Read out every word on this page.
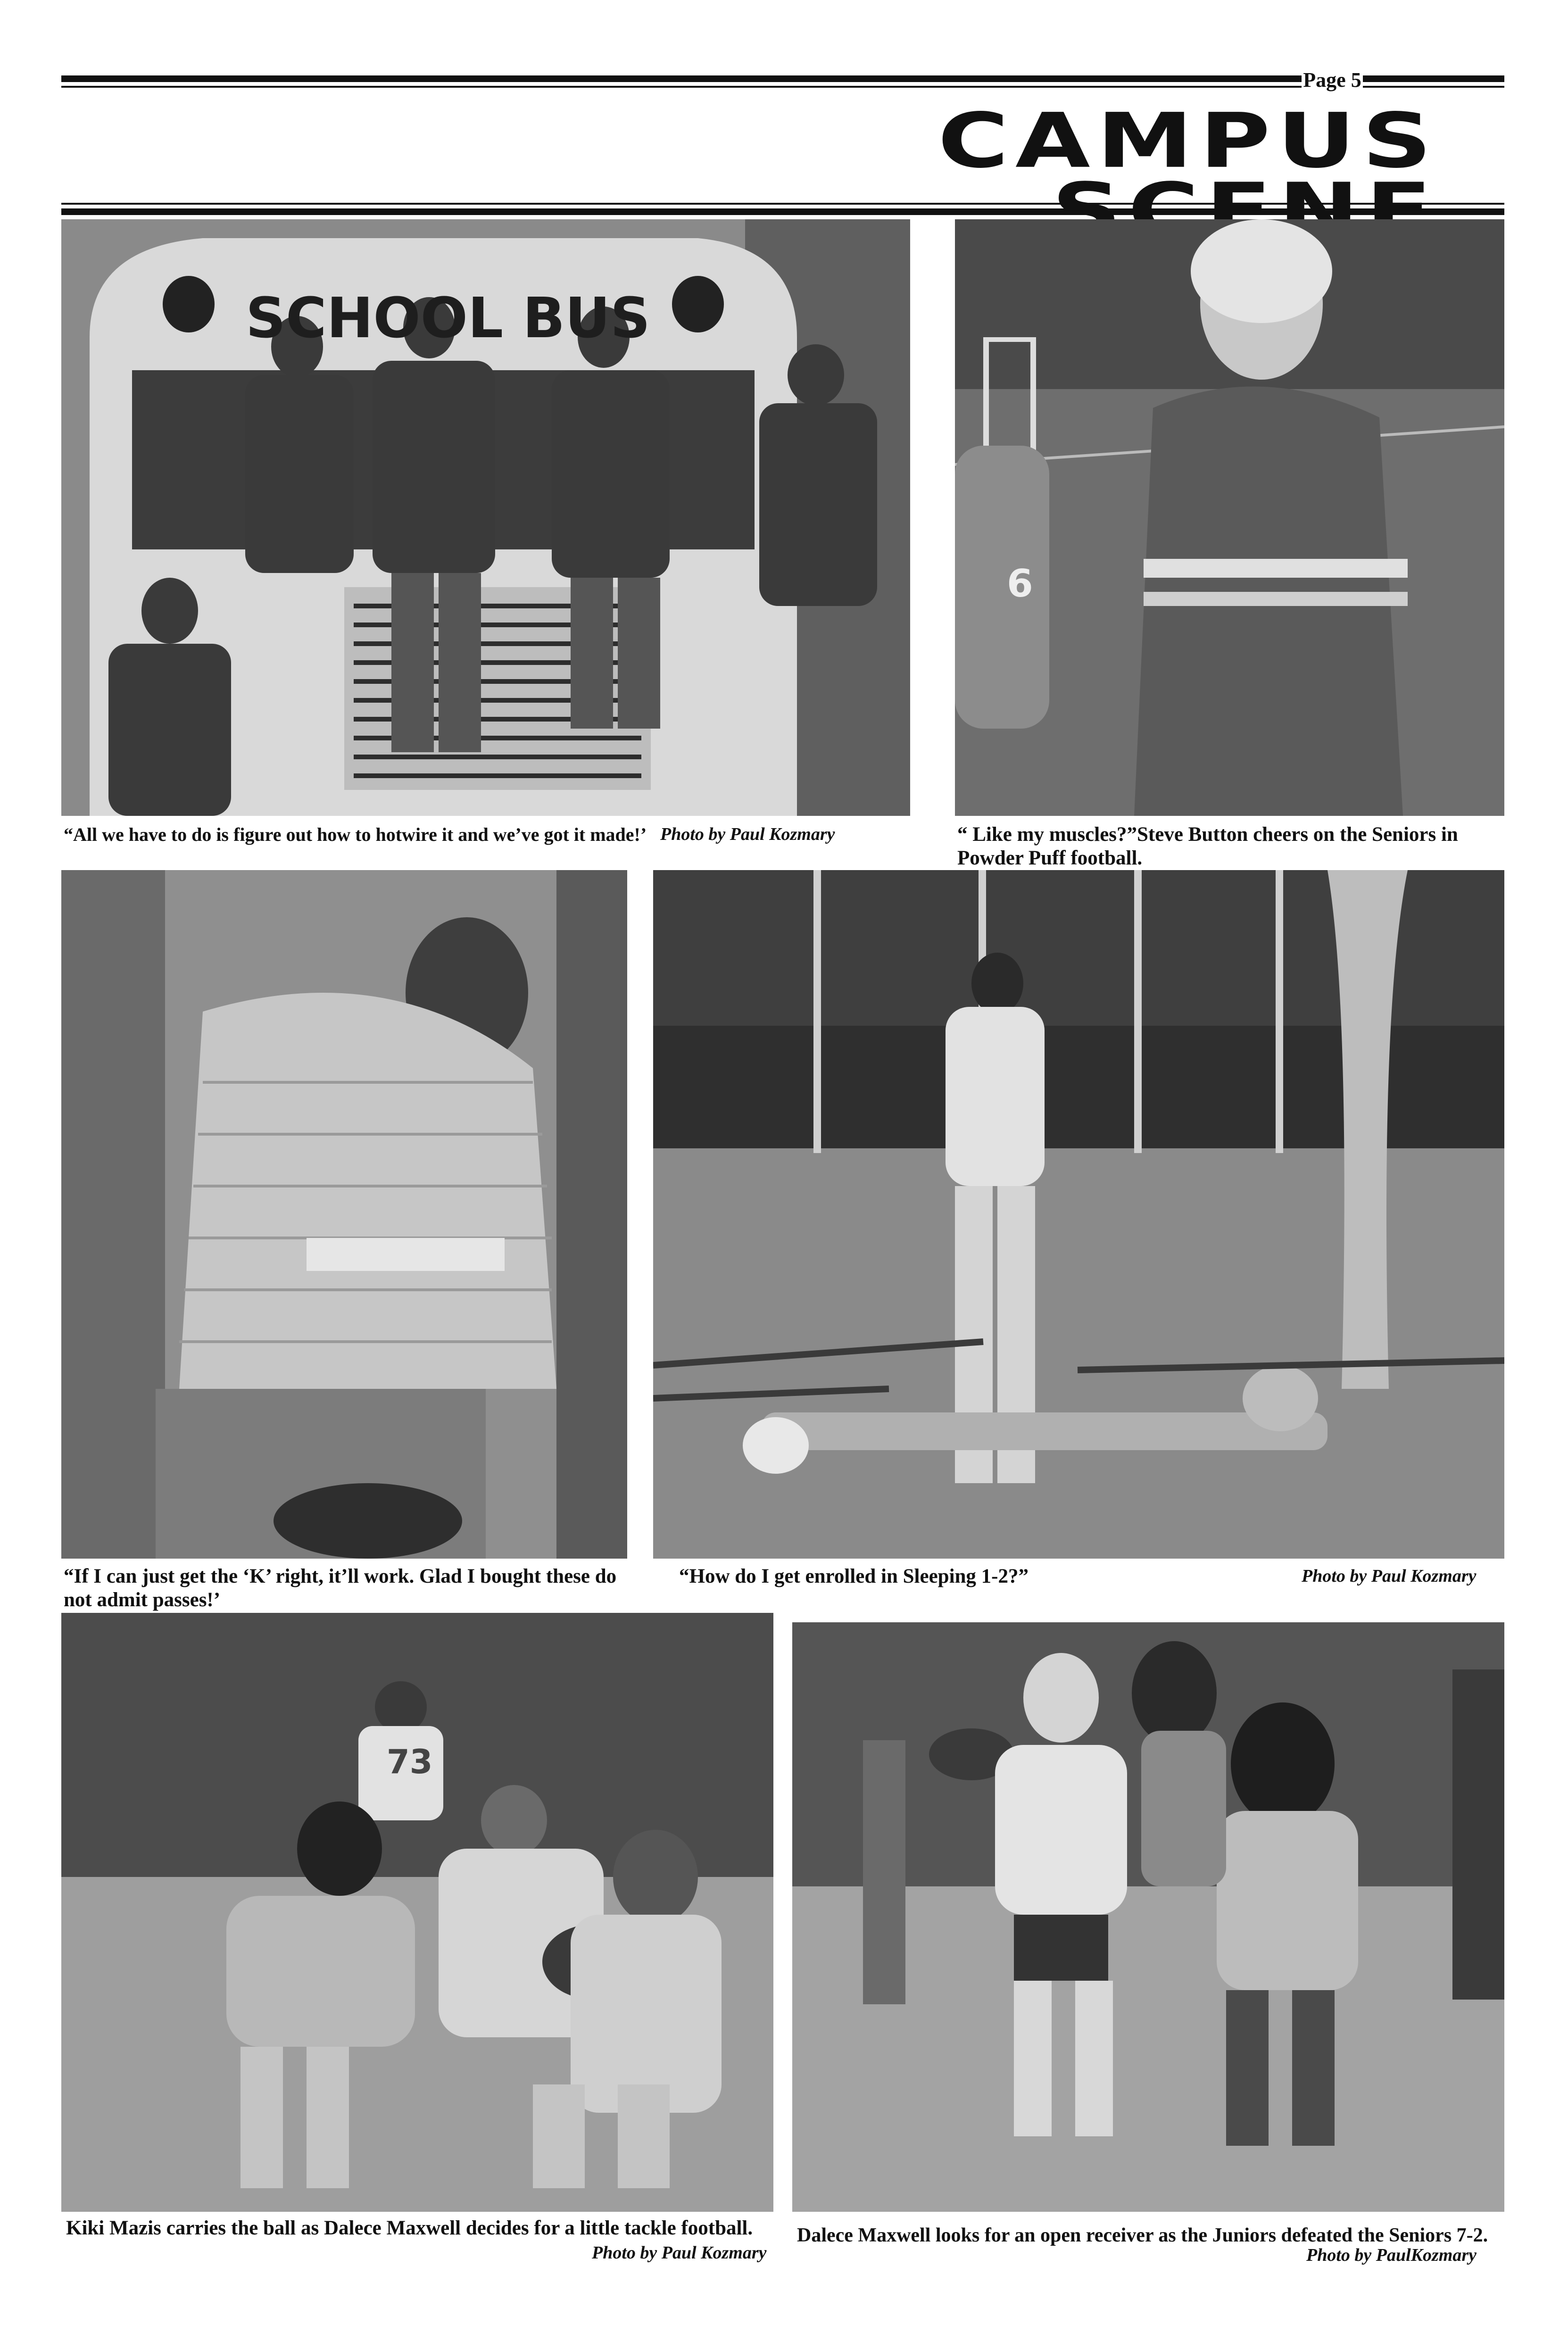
Page 5
CAMPUS
SCHOOL BUS
6
“All we have to do is figure out how to hotwire it and we’ve got it made!’ Photo by Paul Kozmary	“ Like my muscles?”Steve Button cheers on the Seniors in Powder Puff football.
“If I can just get the ‘K’ right, it’ll work. Glad I bought these do not admit passes!’
“How do I get enrolled in Sleeping 1-2?”	Photo by Paul Kozmary
73
Kiki Mazis carries the ball as Dalece Maxwell decides for a little tackle football.
Photo by Paul Kozmary
Dalece Maxwell looks for an open receiver as the Juniors defeated the Seniors 7-2.
Photo by PaulKozmary
